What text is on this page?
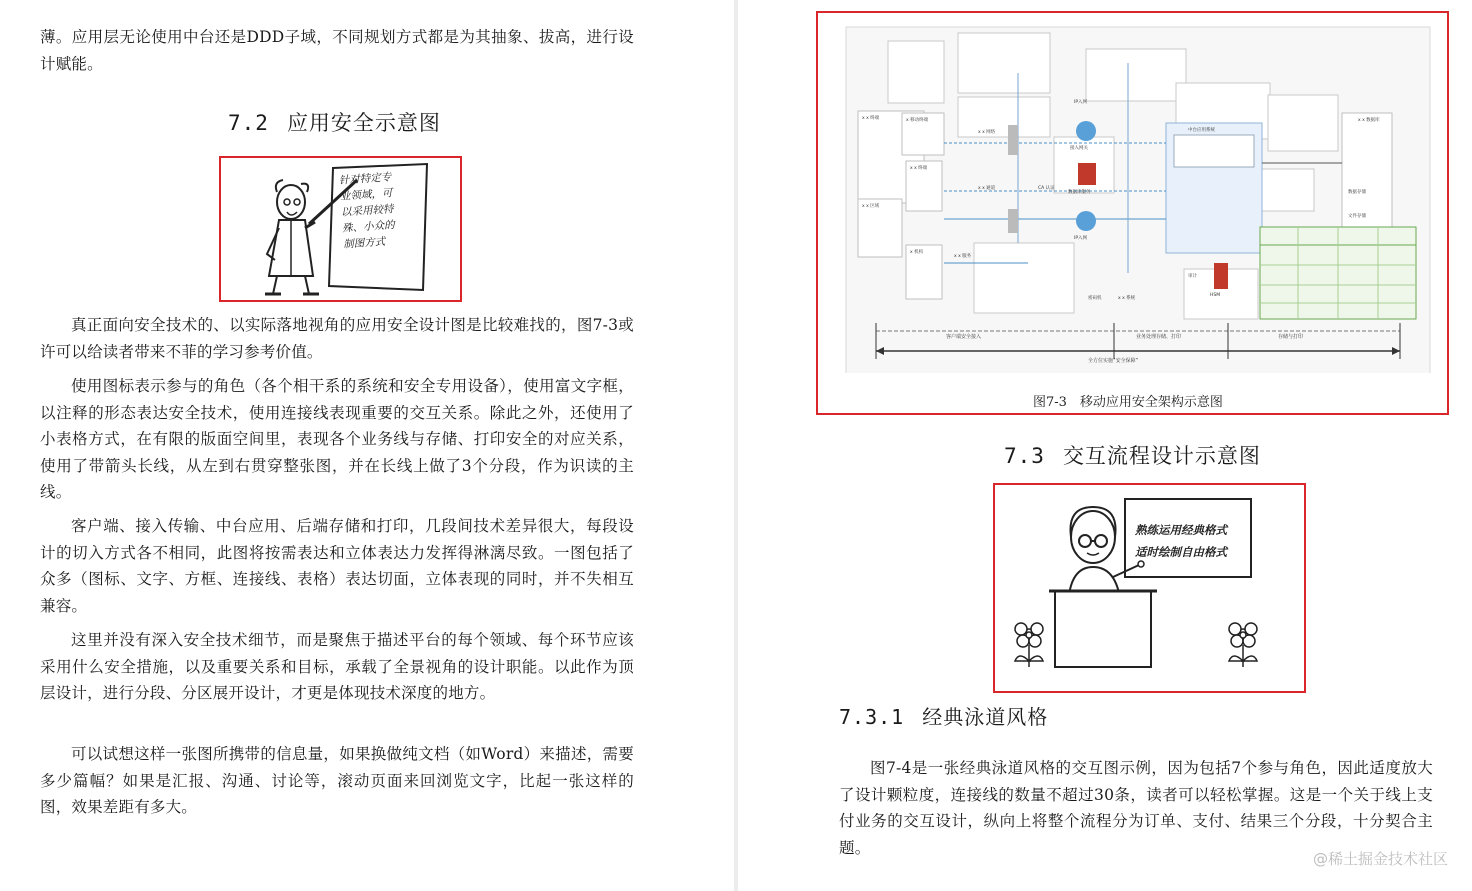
薄。应用层无论使用中台还是DDD子域，不同规划方式都是为其抽象、拔高，进行设计赋能。

7.2 应用安全示意图
针对特定专
业领域，可
以采用较特
殊、小众的
制图方式

真正面向安全技术的、以实际落地视角的应用安全设计图是比较难找的，图7-3或许可以给读者带来不菲的学习参考价值。

使用图标表示参与的角色（各个相干系的系统和安全专用设备），使用富文字框，以注释的形态表达安全技术，使用连接线表现重要的交互关系。除此之外，还使用了小表格方式，在有限的版面空间里，表现各个业务线与存储、打印安全的对应关系，使用了带箭头长线，从左到右贯穿整张图，并在长线上做了3个分段，作为识读的主线。

客户端、接入传输、中台应用、后端存储和打印，几段间技术差异很大，每段设计的切入方式各不相同，此图将按需表达和立体表达力发挥得淋漓尽致。一图包括了众多（图标、文字、方框、连接线、表格）表达切面，立体表现的同时，并不失相互兼容。

这里并没有深入安全技术细节，而是聚焦于描述平台的每个领域、每个环节应该采用什么安全措施，以及重要关系和目标，承载了全景视角的设计职能。以此作为顶层设计，进行分段、分区展开设计，才更是体现技术深度的地方。

可以试想这样一张图所携带的信息量，如果换做纯文档（如Word）来描述，需要多少篇幅？如果是汇报、沟通、讨论等，滚动页面来回浏览文字，比起一张这样的图，效果差距有多大。

x x 终端	x 移动终端
x x 网络
x x 终端
x x 区域
x x 通道	CA 认证
x 机构
x x 服务
IP入网
接入网关
IP入网
数据库服务
中台应用系统
x x 数据库
数据存储
文件存储
密码机	x x 系统
HSM
审计
客户端安全接入	业务处理存储、打印	存储与打印
全方位实施“安全保障”
图7-3　移动应用安全架构示意图
7.3 交互流程设计示意图
熟练运用经典格式
适时绘制自由格式
7.3.1 经典泳道风格

图7-4是一张经典泳道风格的交互图示例，因为包括7个参与角色，因此适度放大了设计颗粒度，连接线的数量不超过30条，读者可以轻松掌握。这是一个关于线上支付业务的交互设计，纵向上将整个流程分为订单、支付、结果三个分段，十分契合主题。

@稀土掘金技术社区
